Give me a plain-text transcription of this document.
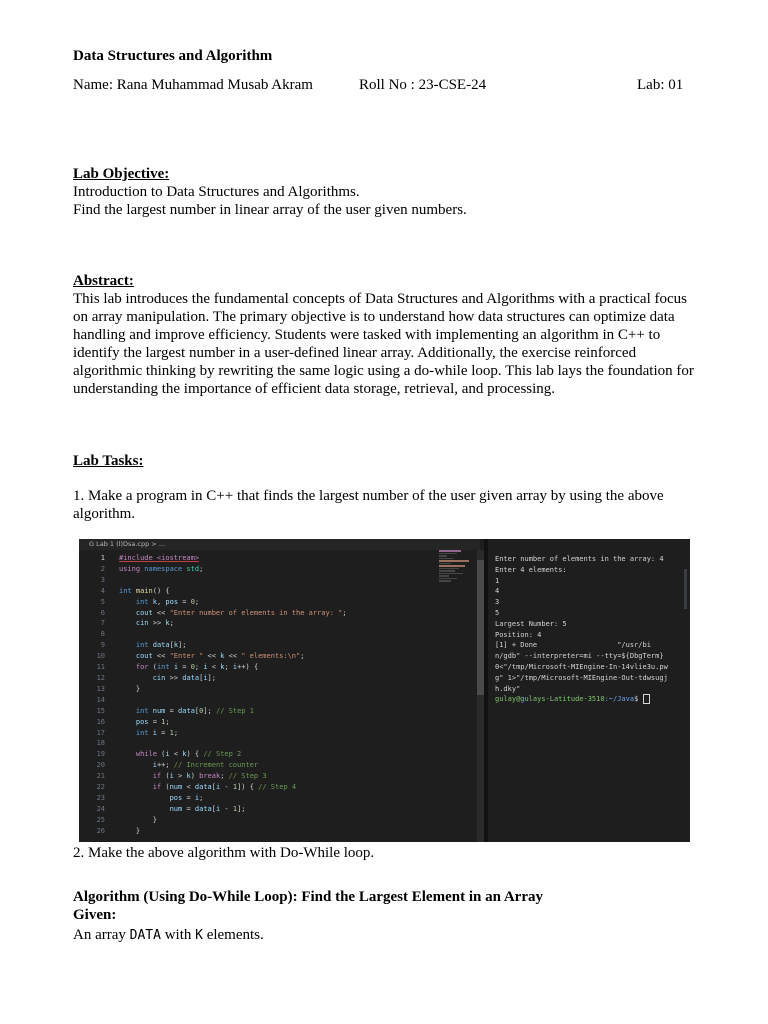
Data Structures and Algorithm
Name: Rana Muhammad Musab Akram	Roll No : 23-CSE-24	Lab: 01
Lab Objective:
Introduction to Data Structures and Algorithms.
Find the largest number in linear array of the user given numbers.
Abstract:
This lab introduces the fundamental concepts of Data Structures and Algorithms with a practical focus on array manipulation. The primary objective is to understand how data structures can optimize data handling and improve efficiency. Students were tasked with implementing an algorithm in C++ to identify the largest number in a user-defined linear array. Additionally, the exercise reinforced algorithmic thinking by rewriting the same logic using a do-while loop. This lab lays the foundation for understanding the importance of efficient data storage, retrieval, and processing.
Lab Tasks:
1. Make a program in C++ that finds the largest number of the user given array by using the above algorithm.
G Lab 1 (l)Dsa.cpp > ...
1
2
3
4
5
6
7
8
9
10
11
12
13
14
15
16
17
18
19
20
21
22
23
24
25
26
#include <iostream>
using namespace std;

int main() {
int k, pos = 0;
cout << "Enter number of elements in the array: ";
cin >> k;

int data[k];
cout << "Enter " << k << " elements:\n";
for (int i = 0; i < k; i++) {
cin >> data[i];
}

int num = data[0]; // Step 1
pos = 1;
int i = 1;

while (i < k) { // Step 2
i++; // Increment counter
if (i > k) break; // Step 3
if (num < data[i - 1]) { // Step 4
pos = i;
num = data[i - 1];
}
}
Enter number of elements in the array: 4
Enter 4 elements:
1
4
3
5
Largest Number: 5
Position: 4
[1] + Done                   "/usr/bi
n/gdb" --interpreter=mi --tty=${DbgTerm}
0<"/tmp/Microsoft-MIEngine-In-14vlie3u.pw
g" 1>"/tmp/Microsoft-MIEngine-Out-tdwsugj
h.dky"
gulay@gulays-Latitude-3510:~/Java$
2. Make the above algorithm with Do-While loop.
Algorithm (Using Do-While Loop): Find the Largest Element in an Array
Given:
An array DATA with K elements.
